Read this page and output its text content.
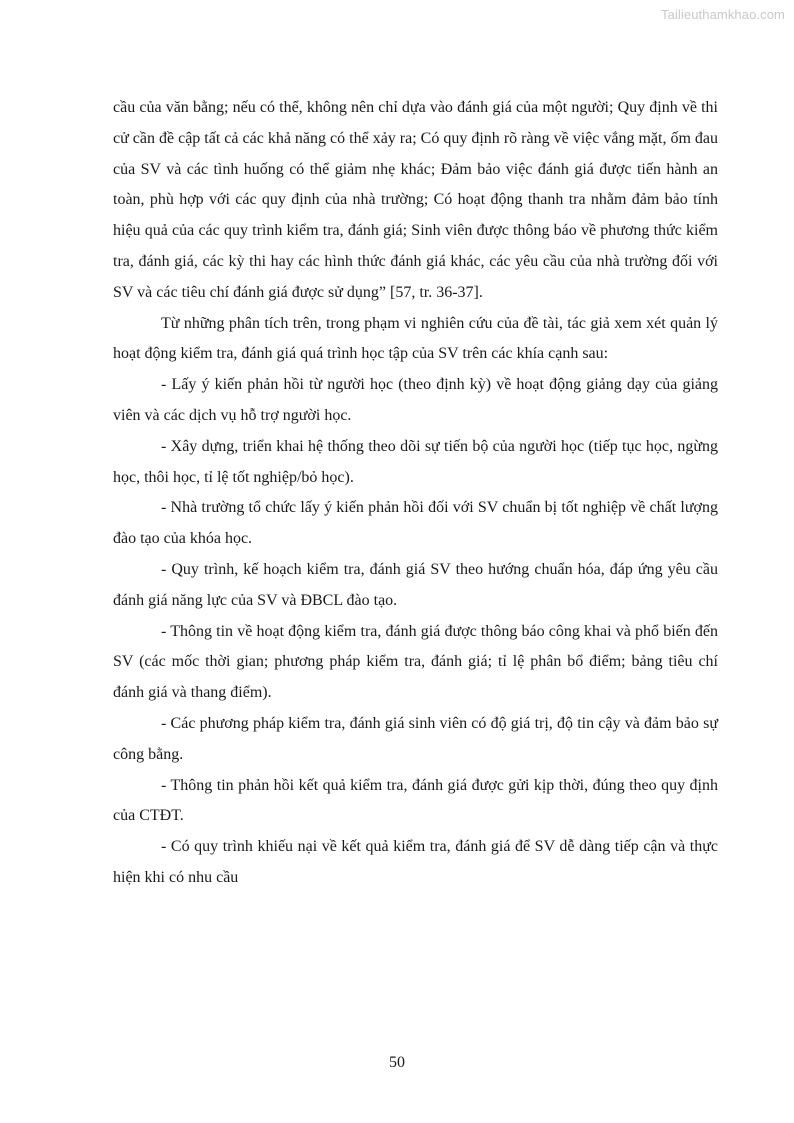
Tailieuthamkhao.com

cầu của văn bằng; nếu có thể, không nên chỉ dựa vào đánh giá của một người; Quy định về thi cử cần đề cập tất cả các khả năng có thể xảy ra; Có quy định rõ ràng về việc vắng mặt, ốm đau của SV và các tình huống có thể giảm nhẹ khác; Đảm bảo việc đánh giá được tiến hành an toàn, phù hợp với các quy định của nhà trường; Có hoạt động thanh tra nhằm đảm bảo tính hiệu quả của các quy trình kiểm tra, đánh giá; Sinh viên được thông báo về phương thức kiểm tra, đánh giá, các kỳ thi hay các hình thức đánh giá khác, các yêu cầu của nhà trường đối với SV và các tiêu chí đánh giá được sử dụng” [57, tr. 36-37].

Từ những phân tích trên, trong phạm vi nghiên cứu của đề tài, tác giả xem xét quản lý hoạt động kiểm tra, đánh giá quá trình học tập của SV trên các khía cạnh sau:

- Lấy ý kiến phản hồi từ người học (theo định kỳ) về hoạt động giảng dạy của giảng viên và các dịch vụ hỗ trợ người học.

- Xây dựng, triển khai hệ thống theo dõi sự tiến bộ của người học (tiếp tục học, ngừng học, thôi học, tỉ lệ tốt nghiệp/bỏ học).

- Nhà trường tổ chức lấy ý kiến phản hồi đối với SV chuẩn bị tốt nghiệp về chất lượng đào tạo của khóa học.

- Quy trình, kế hoạch kiểm tra, đánh giá SV theo hướng chuẩn hóa, đáp ứng yêu cầu đánh giá năng lực của SV và ĐBCL đào tạo.

- Thông tin về hoạt động kiểm tra, đánh giá được thông báo công khai và phổ biến đến SV (các mốc thời gian; phương pháp kiểm tra, đánh giá; tỉ lệ phân bổ điểm; bảng tiêu chí đánh giá và thang điểm).

- Các phương pháp kiểm tra, đánh giá sinh viên có độ giá trị, độ tin cậy và đảm bảo sự công bằng.

- Thông tin phản hồi kết quả kiểm tra, đánh giá được gửi kịp thời, đúng theo quy định của CTĐT.

- Có quy trình khiếu nại về kết quả kiểm tra, đánh giá để SV dễ dàng tiếp cận và thực hiện khi có nhu cầu

50
